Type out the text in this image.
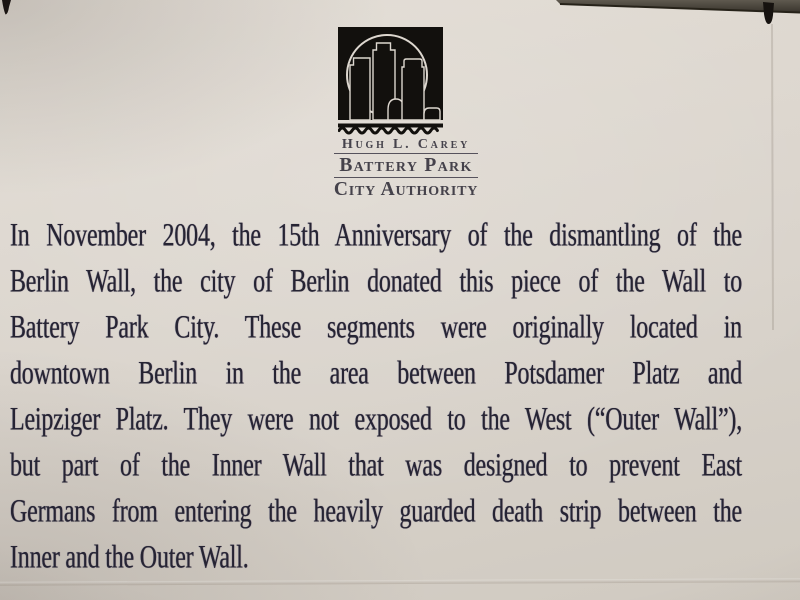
Hugh L. Carey
Battery Park
City Authority
In November 2004, the 15th Anniversary of the dismantling of the
Berlin Wall, the city of Berlin donated this piece of the Wall to
Battery Park City. These segments were originally located in
downtown Berlin in the area between Potsdamer Platz and
Leipziger Platz. They were not exposed to the West (“Outer Wall”),
but part of the Inner Wall that was designed to prevent East
Germans from entering the heavily guarded death strip between the
Inner and the Outer Wall.
